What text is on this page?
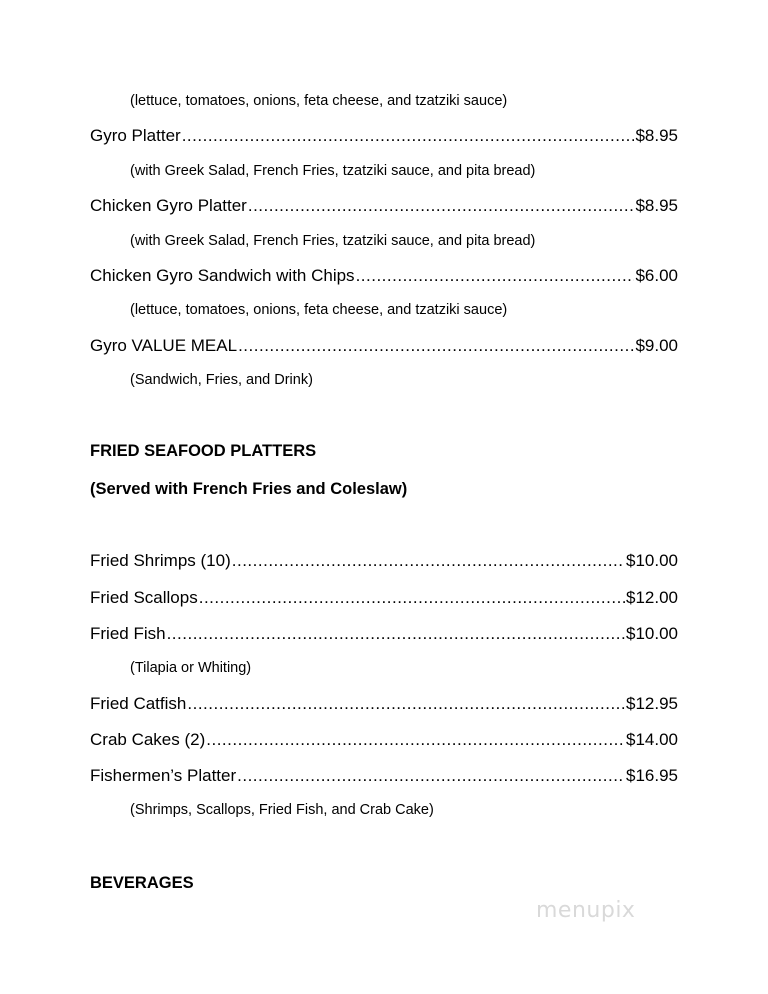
(lettuce, tomatoes, onions, feta cheese, and tzatziki sauce)
Gyro Platter .....	$8.95
(with Greek Salad, French Fries, tzatziki sauce, and pita bread)
Chicken Gyro Platter .....	$8.95
(with Greek Salad, French Fries, tzatziki sauce, and pita bread)
Chicken Gyro Sandwich with Chips .....	$6.00
(lettuce, tomatoes, onions, feta cheese, and tzatziki sauce)
Gyro VALUE MEAL .....	$9.00
(Sandwich, Fries, and Drink)
FRIED SEAFOOD PLATTERS
(Served with French Fries and Coleslaw)
Fried Shrimps (10) .....	$10.00
Fried Scallops .....	$12.00
Fried Fish .....	$10.00
(Tilapia or Whiting)
Fried Catfish .....	$12.95
Crab Cakes (2) .....	$14.00
Fishermen’s Platter .....	$16.95
(Shrimps, Scallops, Fried Fish, and Crab Cake)
BEVERAGES
menupix
